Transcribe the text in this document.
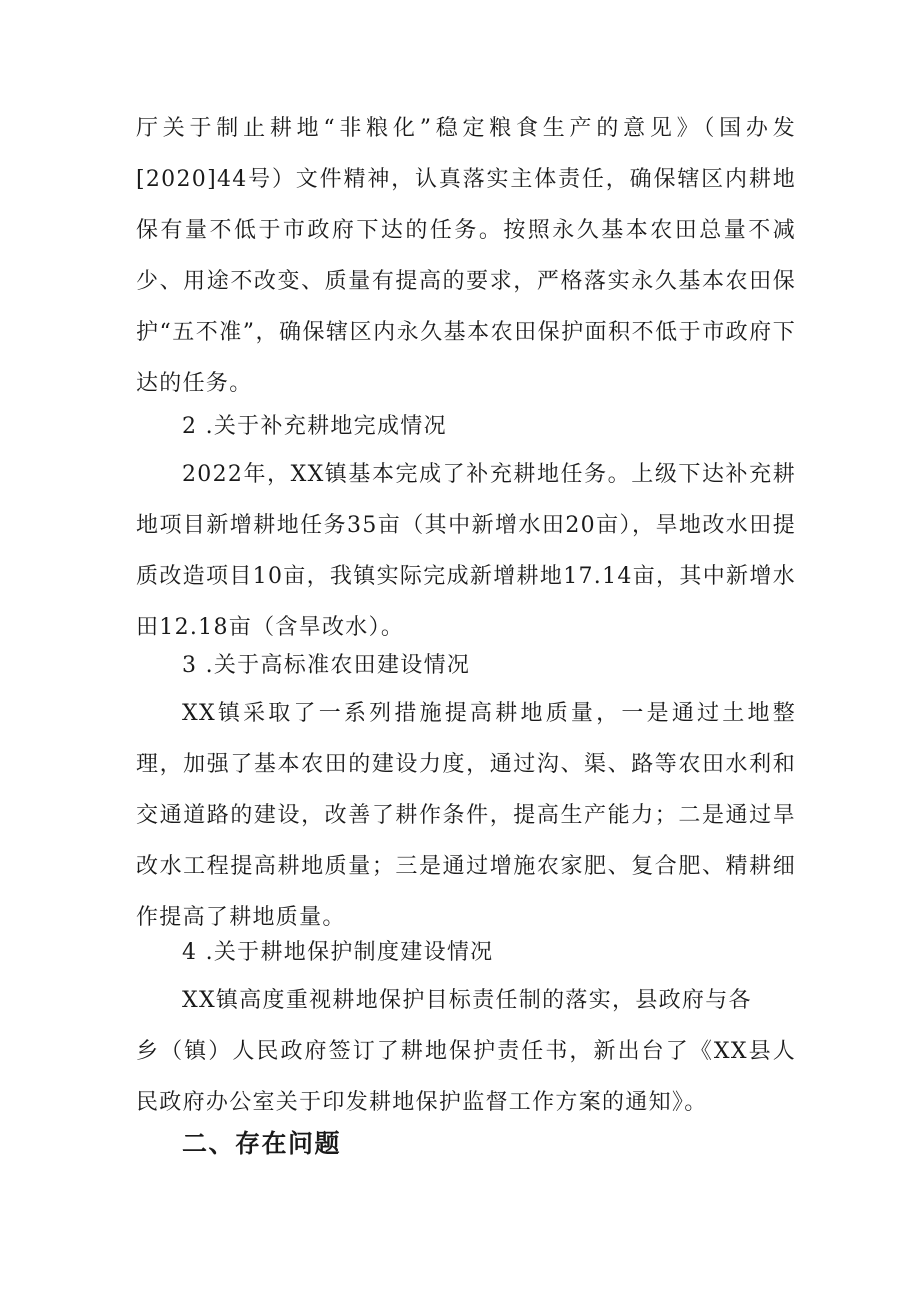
厅关于制止耕地“非粮化”稳定粮食生产的意见》（国办发[2020]44号）文件精神，认真落实主体责任，确保辖区内耕地保有量不低于市政府下达的任务。按照永久基本农田总量不减少、用途不改变、质量有提高的要求，严格落实永久基本农田保护“五不准”，确保辖区内永久基本农田保护面积不低于市政府下达的任务。

2 .关于补充耕地完成情况

2022年，XX镇基本完成了补充耕地任务。上级下达补充耕地项目新增耕地任务35亩（其中新增水田20亩），旱地改水田提质改造项目10亩，我镇实际完成新增耕地17.14亩，其中新增水田12.18亩（含旱改水）。

3 .关于高标准农田建设情况

XX镇采取了一系列措施提高耕地质量，一是通过土地整理，加强了基本农田的建设力度，通过沟、渠、路等农田水利和交通道路的建设，改善了耕作条件，提高生产能力；二是通过旱改水工程提高耕地质量；三是通过增施农家肥、复合肥、精耕细作提高了耕地质量。

4 .关于耕地保护制度建设情况

XX镇高度重视耕地保护目标责任制的落实，县政府与各

乡（镇）人民政府签订了耕地保护责任书，新出台了《XX县人民政府办公室关于印发耕地保护监督工作方案的通知》。

二、存在问题
